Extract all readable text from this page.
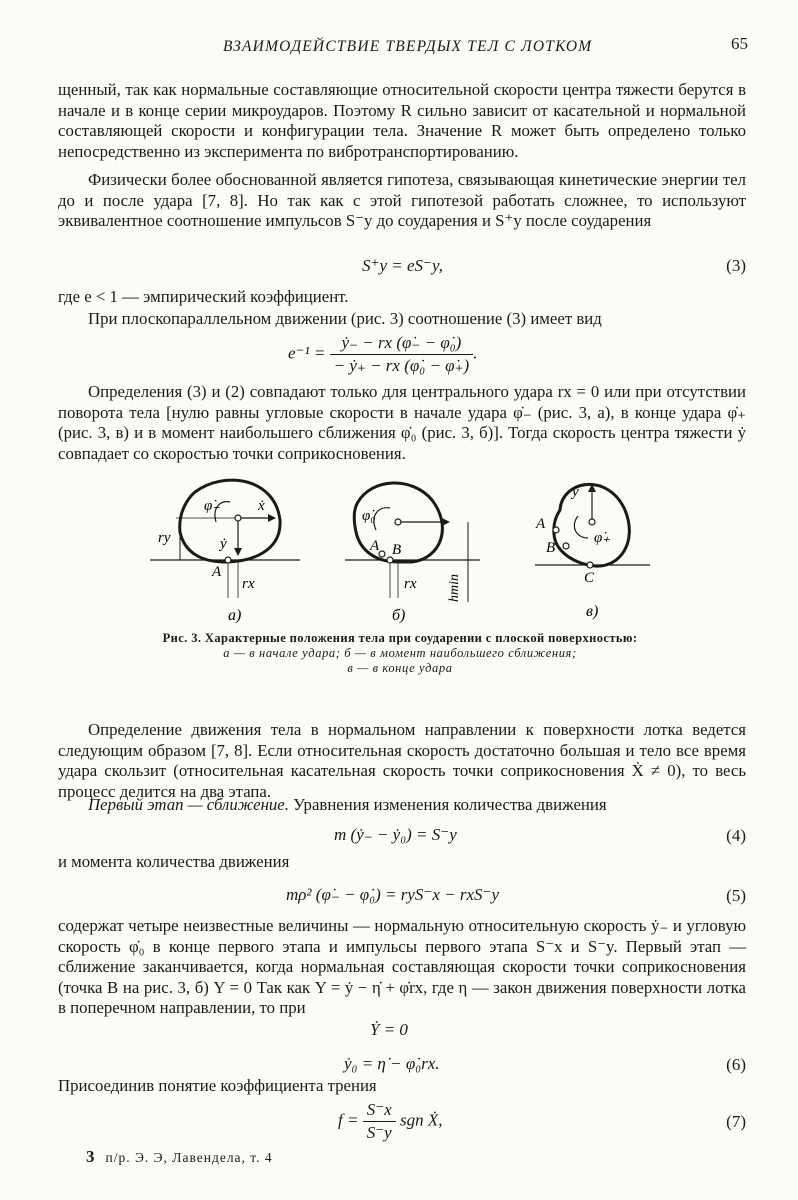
ВЗАИМОДЕЙСТВИЕ ТВЕРДЫХ ТЕЛ С ЛОТКОМ	65
щенный, так как нормальные составляющие относительной скорости центра тяжести берутся в начале и в конце серии микроударов. Поэтому R сильно зависит от касательной и нормальной составляющей скорости и конфигурации тела. Значение R может быть определено только непосредственно из эксперимента по вибротранспортированию.
Физически более обоснованной является гипотеза, связывающая кинетические энергии тел до и после удара [7, 8]. Но так как с этой гипотезой работать сложнее, то используют эквивалентное соотношение импульсов S⁻y до соударения и S⁺y после соударения
S⁺y = eS⁻y,	(3)
где e < 1 — эмпирический коэффициент.
При плоскопараллельном движении (рис. 3) соотношение (3) имеет вид
$e^{-1} = \frac{\text{ẏ₋ − rx (φ̇₋ − φ̇₀)}}{\text{− ẏ₊ − rx (φ̇₀ − φ̇₊)}}$ .
Определения (3) и (2) совпадают только для центрального удара rx = 0 или при отсутствии поворота тела [нулю равны угловые скорости в начале удара φ̇₋ (рис. 3, а), в конце удара φ̇₊ (рис. 3, в) и в момент наибольшего сближения φ̇₀ (рис. 3, б)]. Тогда скорость центра тяжести ẏ совпадает со скоростью точки соприкосновения.
φ̇₋	ẋ
ẏ
ry
A
rx
а)
φ̇₀
A B
rx hmin
б)
ẏ
φ̇₊
A
B
C
в)
Рис. 3. Характерные положения тела при соударении с плоской поверхностью:
а — в начале удара; б — в момент наибольшего сближения;
в — в конце удара
Определение движения тела в нормальном направлении к поверхности лотка ведется следующим образом [7, 8]. Если относительная скорость достаточно большая и тело все время удара скользит (относительная касательная скорость точки соприкосновения Ẋ ≠ 0), то весь процесс делится на два этапа.
Первый этап — сближение. Уравнения изменения количества движения
m (ẏ₋ − ẏ₀) = S⁻y	(4)
и момента количества движения
mρ² (φ̇₋ − φ̇₀) = ryS⁻x − rxS⁻y	(5)
содержат четыре неизвестные величины — нормальную относительную скорость ẏ₋ и угловую скорость φ̇₀ в конце первого этапа и импульсы первого этапа S⁻x и S⁻y. Первый этап — сближение заканчивается, когда нормальная составляющая скорости точки соприкосновения (точка B на рис. 3, б) Y = 0 Так как Y = ẏ − η̇ + φ̇rx, где η — закон движения поверхности лотка в поперечном направлении, то при
Ẏ = 0
ẏ₀ = η̇ − φ̇₀rx.	(6)
Присоединив понятие коэффициента трения
$f = \frac{S^-x}{S^-y}$ sgn Ẋ,	(7)
3 п/р. Э. Э, Лавендела, т. 4
